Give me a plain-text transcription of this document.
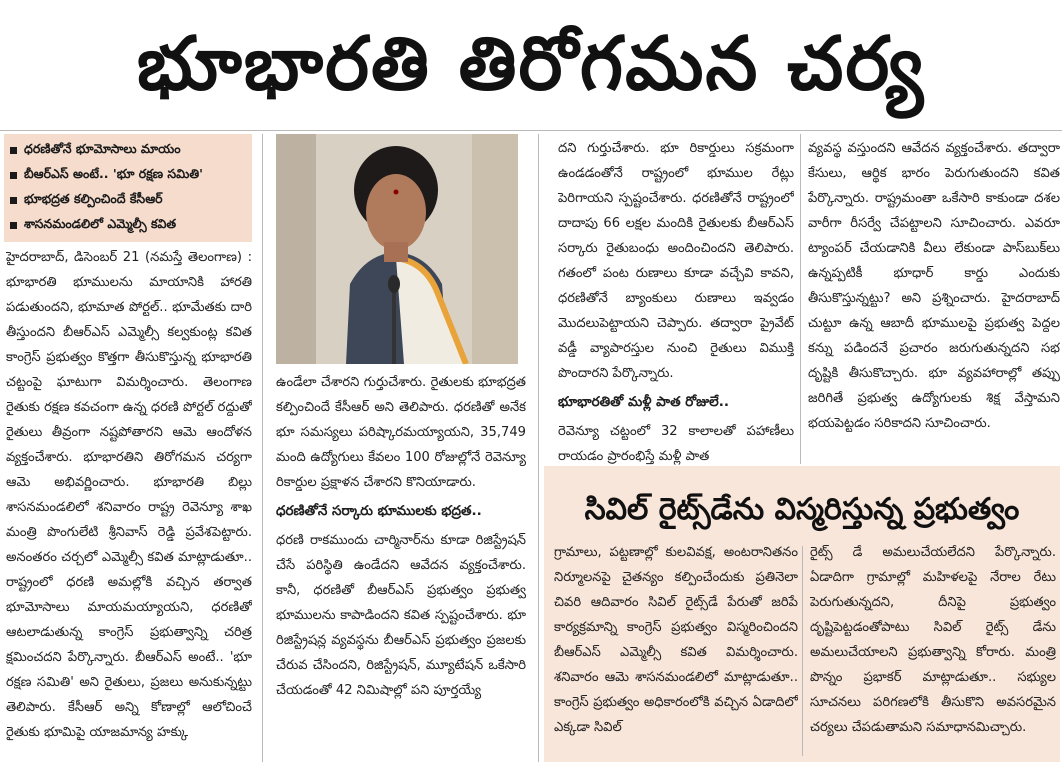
భూభారతి తిరోగమన చర్య
ధరణితోనే భూమోసాలు మాయం
బీఆర్‌ఎస్‌ అంటే.. 'భూ రక్షణ సమితి'
భూభద్రత కల్పించిందే కేసీఆర్‌
శాసనమండలిలో ఎమ్మెల్సీ కవిత
హైదరాబాద్‌, డిసెంబర్‌ 21 (నమస్తే తెలంగాణ) : భూభారతి భూములను మాయానికి హారతి పడుతుందని, భూమాత పోర్టల్‌.. భూమేతకు దారి తీస్తుందని బీఆర్‌ఎస్‌ ఎమ్మెల్సీ కల్వకుంట్ల కవిత కాంగ్రెస్‌ ప్రభుత్వం కొత్తగా తీసుకొస్తున్న భూభారతి చట్టంపై ఘాటుగా విమర్శించారు. తెలంగాణ రైతుకు రక్షణ కవచంగా ఉన్న ధరణి పోర్టల్‌ రద్దుతో రైతులు తీవ్రంగా నష్టపోతారని ఆమె ఆందోళన వ్యక్తంచేశారు. భూభారతిని తిరోగమన చర్యగా ఆమె అభివర్ణించారు. భూభారతి బిల్లు శాసనమండలిలో శనివారం రాష్ట్ర రెవెన్యూ శాఖ మంత్రి పొంగులేటి శ్రీనివాస్‌ రెడ్డి ప్రవేశపెట్టారు. అనంతరం చర్చలో ఎమ్మెల్సీ కవిత మాట్లాడుతూ.. రాష్ట్రంలో ధరణి అమల్లోకి వచ్చిన తర్వాత భూమోసాలు మాయమయ్యాయని, ధరణితో ఆటలాడుతున్న కాంగ్రెస్‌ ప్రభుత్వాన్ని చరిత్ర క్షమించదని పేర్కొన్నారు. బీఆర్‌ఎస్‌ అంటే.. 'భూ రక్షణ సమితి' అని రైతులు, ప్రజలు అనుకున్నట్టు తెలిపారు. కేసీఆర్‌ అన్ని కోణాల్లో ఆలోచించే రైతుకు భూమిపై యాజమాన్య హక్కు
ఉండేలా చేశారని గుర్తుచేశారు. రైతులకు భూభద్రత కల్పించిందే కేసీఆర్‌ అని తెలిపారు. ధరణితో అనేక భూ సమస్యలు పరిష్కారమయ్యాయని, 35,749 మంది ఉద్యోగులు కేవలం 100 రోజుల్లోనే రెవెన్యూ రికార్డుల ప్రక్షాళన చేశారని కొనియాడారు.
ధరణితోనే సర్కారు భూములకు భద్రత..
ధరణి రాకముందు చార్మినార్‌ను కూడా రిజిస్ట్రేషన్‌ చేసే పరిస్థితి ఉండేదని ఆవేదన వ్యక్తంచేశారు. కానీ, ధరణితో బీఆర్‌ఎస్‌ ప్రభుత్వం ప్రభుత్వ భూములను కాపాడిందని కవిత స్పష్టంచేశారు. భూ రిజిస్ట్రేషన్ల వ్యవస్థను బీఆర్‌ఎస్‌ ప్రభుత్వం ప్రజలకు చేరువ చేసిందని, రిజిస్ట్రేషన్‌, మ్యూటేషన్‌ ఒకేసారి చేయడంతో 42 నిమిషాల్లో పని పూర్తయ్యే
దని గుర్తుచేశారు. భూ రికార్డులు సక్రమంగా ఉండడంతోనే రాష్ట్రంలో భూముల రేట్లు పెరిగాయని స్పష్టంచేశారు. ధరణితోనే రాష్ట్రంలో దాదాపు 66 లక్షల మందికి రైతులకు బీఆర్‌ఎస్‌ సర్కారు రైతుబంధు అందించిందని తెలిపారు. గతంలో పంట రుణాలు కూడా వచ్చేవి కావని, ధరణితోనే బ్యాంకులు రుణాలు ఇవ్వడం మొదలుపెట్టాయని చెప్పారు. తద్వారా ప్రైవేట్‌ వడ్డీ వ్యాపారస్తుల నుంచి రైతులు విముక్తి పొందారని పేర్కొన్నారు.
భూభారతితో మళ్లీ పాత రోజులే..
రెవెన్యూ చట్టంలో 32 కాలాలతో పహాణీలు రాయడం ప్రారంభిస్తే మళ్లీ పాత
వ్యవస్థ వస్తుందని ఆవేదన వ్యక్తంచేశారు. తద్వారా కేసులు, ఆర్థిక భారం పెరుగుతుందని కవిత పేర్కొన్నారు. రాష్ట్రమంతా ఒకేసారి కాకుండా దశల వారీగా రీసర్వే చేపట్టాలని సూచించారు. ఎవరూ ట్యాంపర్‌ చేయడానికి వీలు లేకుండా పాస్‌బుక్‌లు ఉన్నప్పటికీ భూధార్‌ కార్డు ఎందుకు తీసుకొస్తున్నట్టు? అని ప్రశ్నించారు. హైదరాబాద్‌ చుట్టూ ఉన్న ఆబాదీ భూములపై ప్రభుత్వ పెద్దల కన్ను పడిందనే ప్రచారం జరుగుతున్నదని సభ దృష్టికి తీసుకొచ్చారు. భూ వ్యవహారాల్లో తప్పు జరిగితే ప్రభుత్వ ఉద్యోగులకు శిక్ష వేస్తామని భయపెట్టడం సరికాదని సూచించారు.
సివిల్‌ రైట్స్‌డేను విస్మరిస్తున్న ప్రభుత్వం
గ్రామాలు, పట్టణాల్లో కులవివక్ష, అంటరానితనం నిర్మూలనపై చైతన్యం కల్పించేందుకు ప్రతినెలా చివరి ఆదివారం సివిల్‌ రైట్స్‌డే పేరుతో జరిపే కార్యక్రమాన్ని కాంగ్రెస్‌ ప్రభుత్వం విస్మరించిందని బీఆర్‌ఎస్‌ ఎమ్మెల్సీ కవిత విమర్శించారు. శనివారం ఆమె శాసనమండలిలో మాట్లాడుతూ.. కాంగ్రెస్‌ ప్రభుత్వం అధికారంలోకి వచ్చిన ఏడాదిలో ఎక్కడా సివిల్‌
రైట్స్‌ డే అమలుచేయలేదని పేర్కొన్నారు. ఏడాదిగా గ్రామాల్లో మహిళలపై నేరాల రేటు పెరుగుతున్నదని, దీనిపై ప్రభుత్వం దృష్టిపెట్టడంతోపాటు సివిల్‌ రైట్స్‌ డేను అమలుచేయాలని ప్రభుత్వాన్ని కోరారు. మంత్రి పొన్నం ప్రభాకర్‌ మాట్లాడుతూ.. సభ్యుల సూచనలు పరిగణలోకి తీసుకొని అవసరమైన చర్యలు చేపడుతామని సమాధానమిచ్చారు.
